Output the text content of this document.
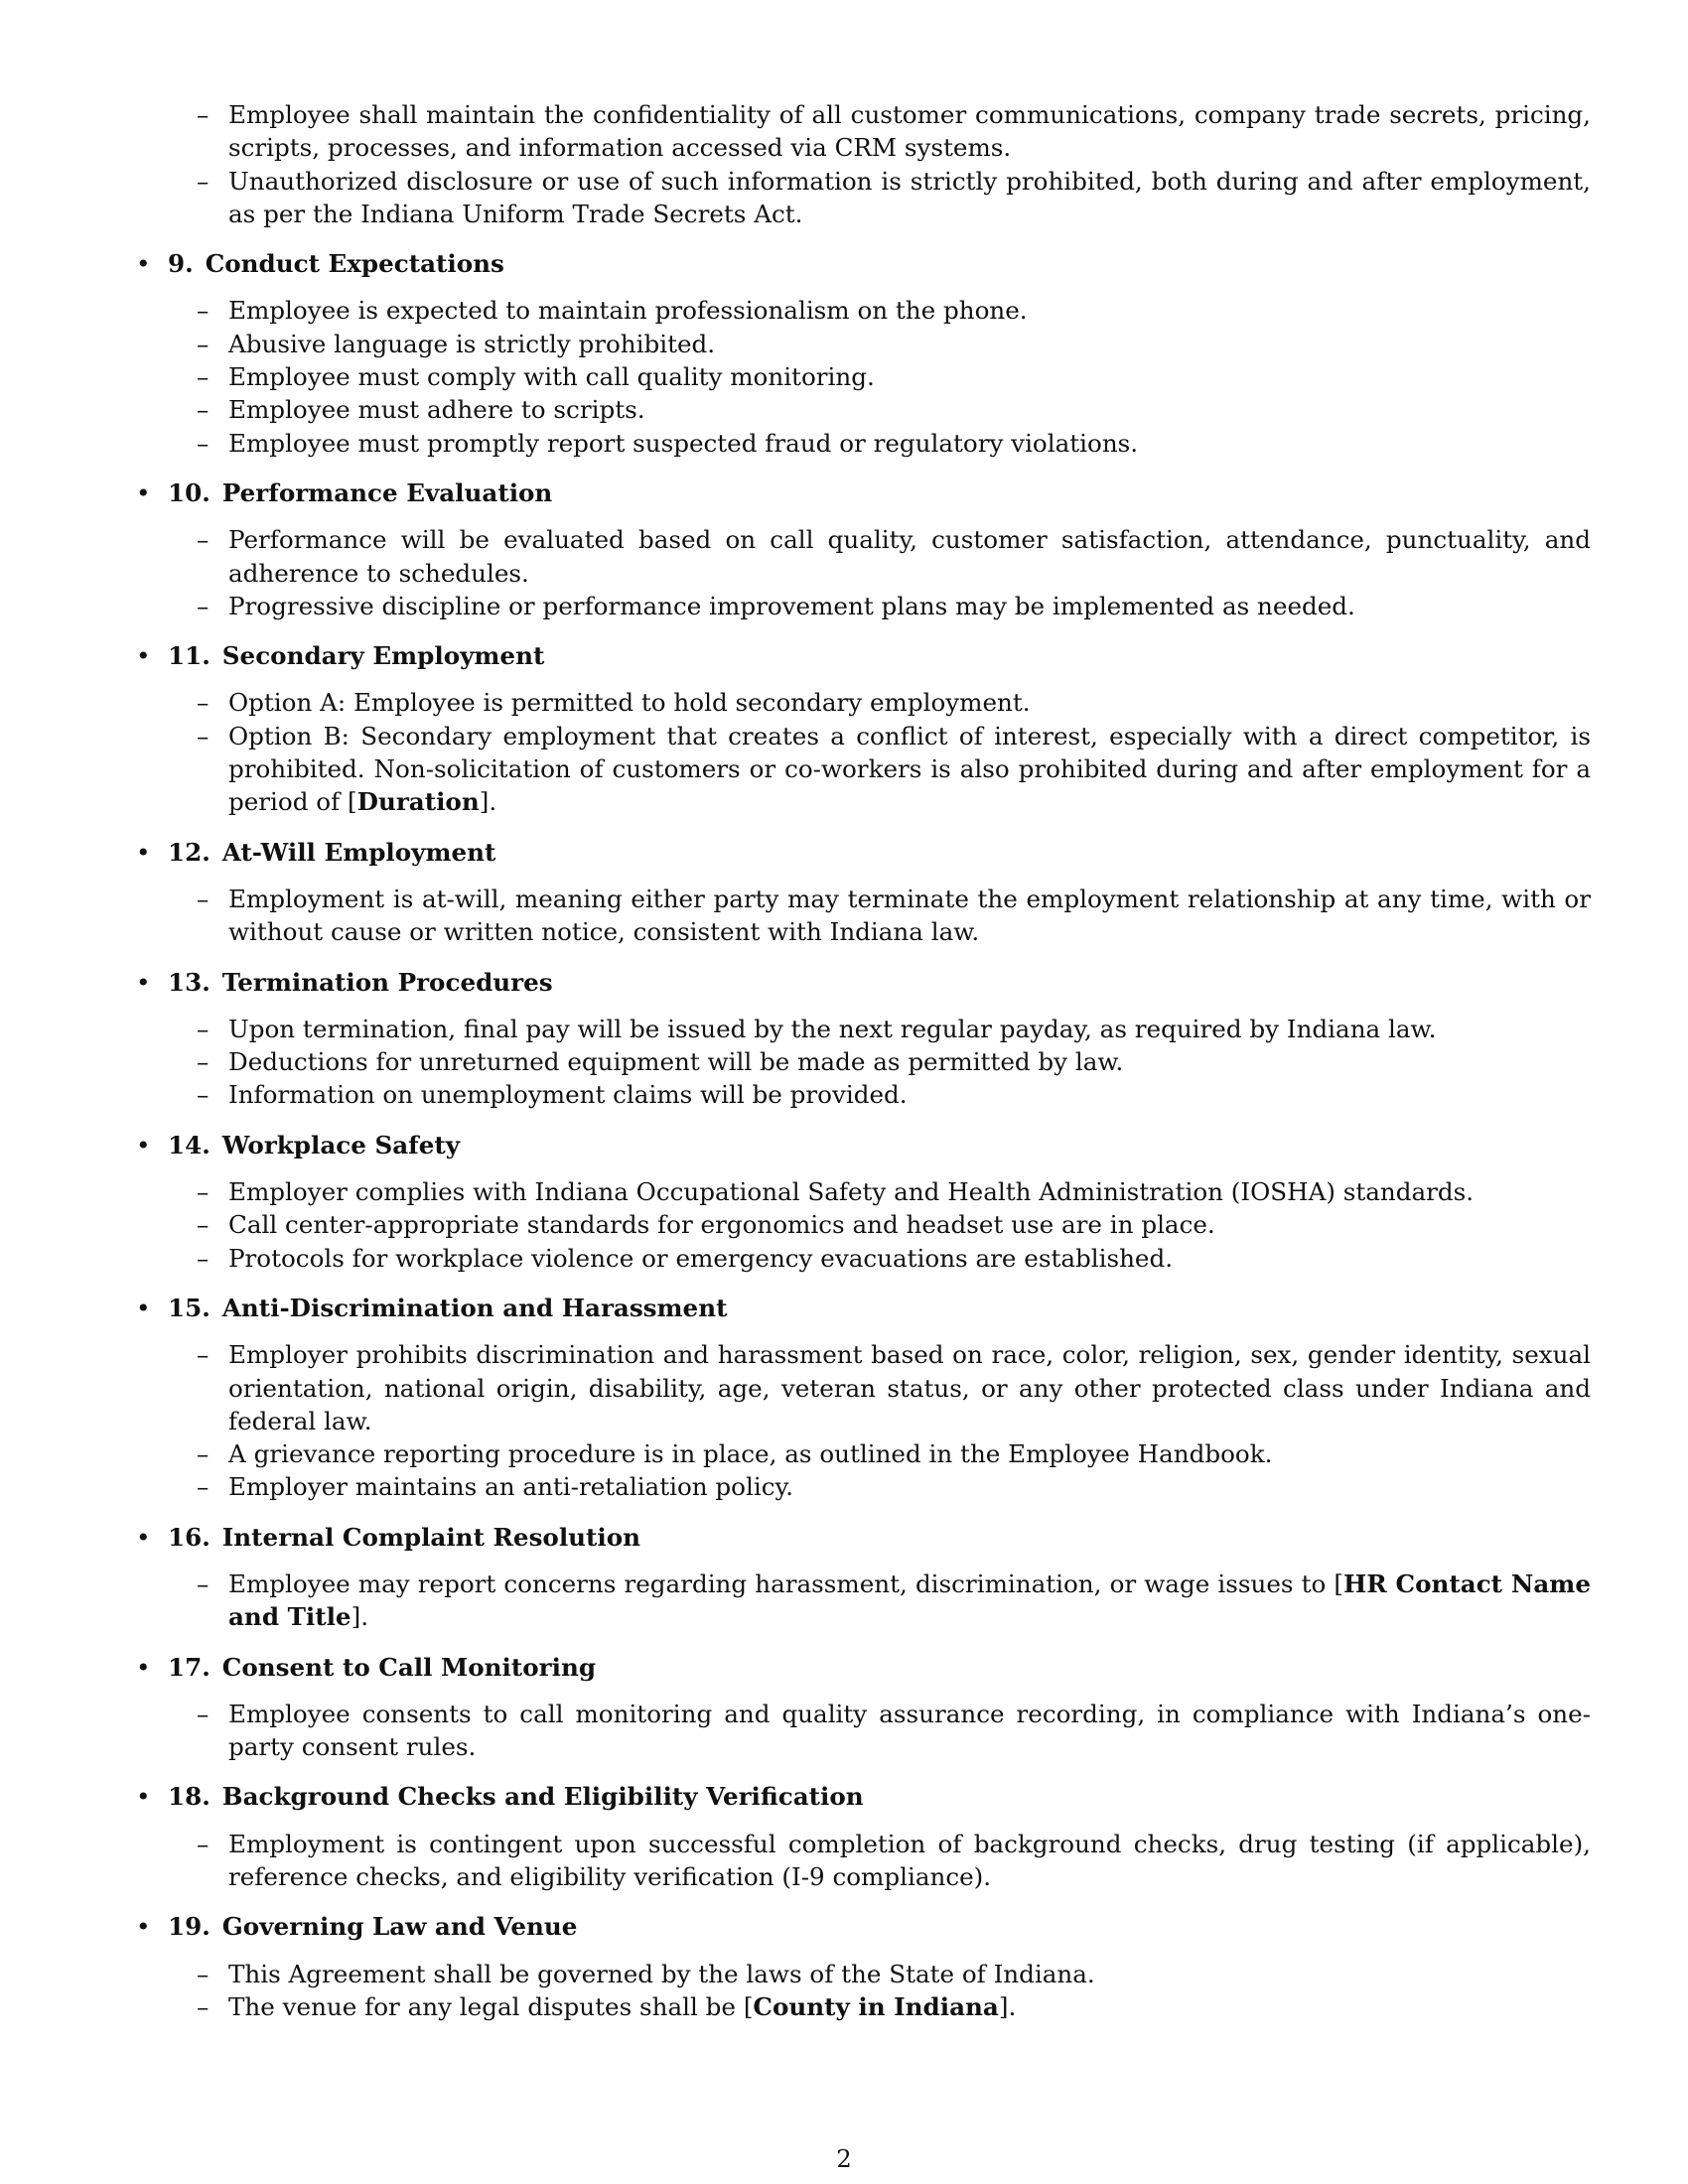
– Employee shall maintain the confidentiality of all customer communications, company trade secrets, pricing, scripts, processes, and information accessed via CRM systems.
– Unauthorized disclosure or use of such information is strictly prohibited, both during and after employment, as per the Indiana Uniform Trade Secrets Act.
• 9. Conduct Expectations
– Employee is expected to maintain professionalism on the phone.
– Abusive language is strictly prohibited.
– Employee must comply with call quality monitoring.
– Employee must adhere to scripts.
– Employee must promptly report suspected fraud or regulatory violations.
• 10. Performance Evaluation
– Performance will be evaluated based on call quality, customer satisfaction, attendance, punctuality, and adherence to schedules.
– Progressive discipline or performance improvement plans may be implemented as needed.
• 11. Secondary Employment
– Option A: Employee is permitted to hold secondary employment.
– Option B: Secondary employment that creates a conflict of interest, especially with a direct competitor, is prohibited. Non-solicitation of customers or co-workers is also prohibited during and after employment for a period of [Duration].
• 12. At-Will Employment
– Employment is at-will, meaning either party may terminate the employment relationship at any time, with or without cause or written notice, consistent with Indiana law.
• 13. Termination Procedures
– Upon termination, final pay will be issued by the next regular payday, as required by Indiana law.
– Deductions for unreturned equipment will be made as permitted by law.
– Information on unemployment claims will be provided.
• 14. Workplace Safety
– Employer complies with Indiana Occupational Safety and Health Administration (IOSHA) standards.
– Call center-appropriate standards for ergonomics and headset use are in place.
– Protocols for workplace violence or emergency evacuations are established.
• 15. Anti-Discrimination and Harassment
– Employer prohibits discrimination and harassment based on race, color, religion, sex, gender identity, sexual orientation, national origin, disability, age, veteran status, or any other protected class under Indiana and federal law.
– A grievance reporting procedure is in place, as outlined in the Employee Handbook.
– Employer maintains an anti-retaliation policy.
• 16. Internal Complaint Resolution
– Employee may report concerns regarding harassment, discrimination, or wage issues to [HR Contact Name and Title].
• 17. Consent to Call Monitoring
– Employee consents to call monitoring and quality assurance recording, in compliance with Indiana’s one-party consent rules.
• 18. Background Checks and Eligibility Verification
– Employment is contingent upon successful completion of background checks, drug testing (if applicable), reference checks, and eligibility verification (I-9 compliance).
• 19. Governing Law and Venue
– This Agreement shall be governed by the laws of the State of Indiana.
– The venue for any legal disputes shall be [County in Indiana].
2
